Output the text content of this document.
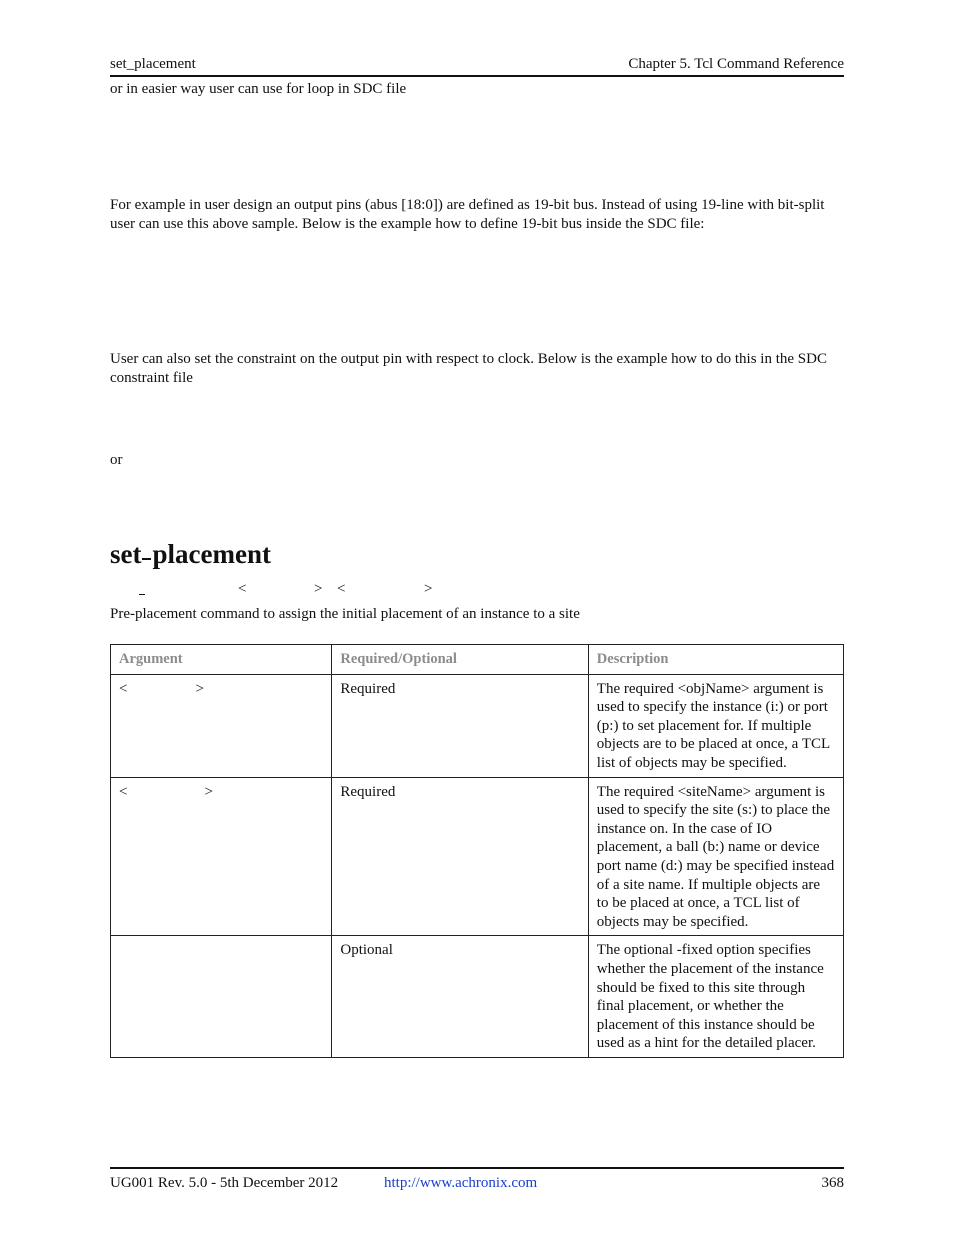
set_placement	Chapter 5. Tcl Command Reference
or in easier way user can use for loop in SDC file
For example in user design an output pins (abus [18:0]) are defined as 19-bit bus. Instead of using 19-line with bit-split user can use this above sample. Below is the example how to define 19-bit bus inside the SDC file:
User can also set the constraint on the output pin with respect to clock. Below is the example how to do this in the SDC constraint file
or
set placement
<	> <	>
Pre-placement command to assign the initial placement of an instance to a site
Argument	Required/Optional	Description
< >	Required	The required <objName> argument is used to specify the instance (i:) or port (p:) to set placement for. If multiple objects are to be placed at once, a TCL list of objects may be specified.
< >	Required	The required <siteName> argument is used to specify the site (s:) to place the instance on. In the case of IO placement, a ball (b:) name or device port name (d:) may be specified instead of a site name. If multiple objects are to be placed at once, a TCL list of objects may be specified.
	Optional	The optional -fixed option specifies whether the placement of the instance should be fixed to this site through final placement, or whether the placement of this instance should be used as a hint for the detailed placer.
UG001 Rev. 5.0 - 5th December 2012	http://www.achronix.com	368
